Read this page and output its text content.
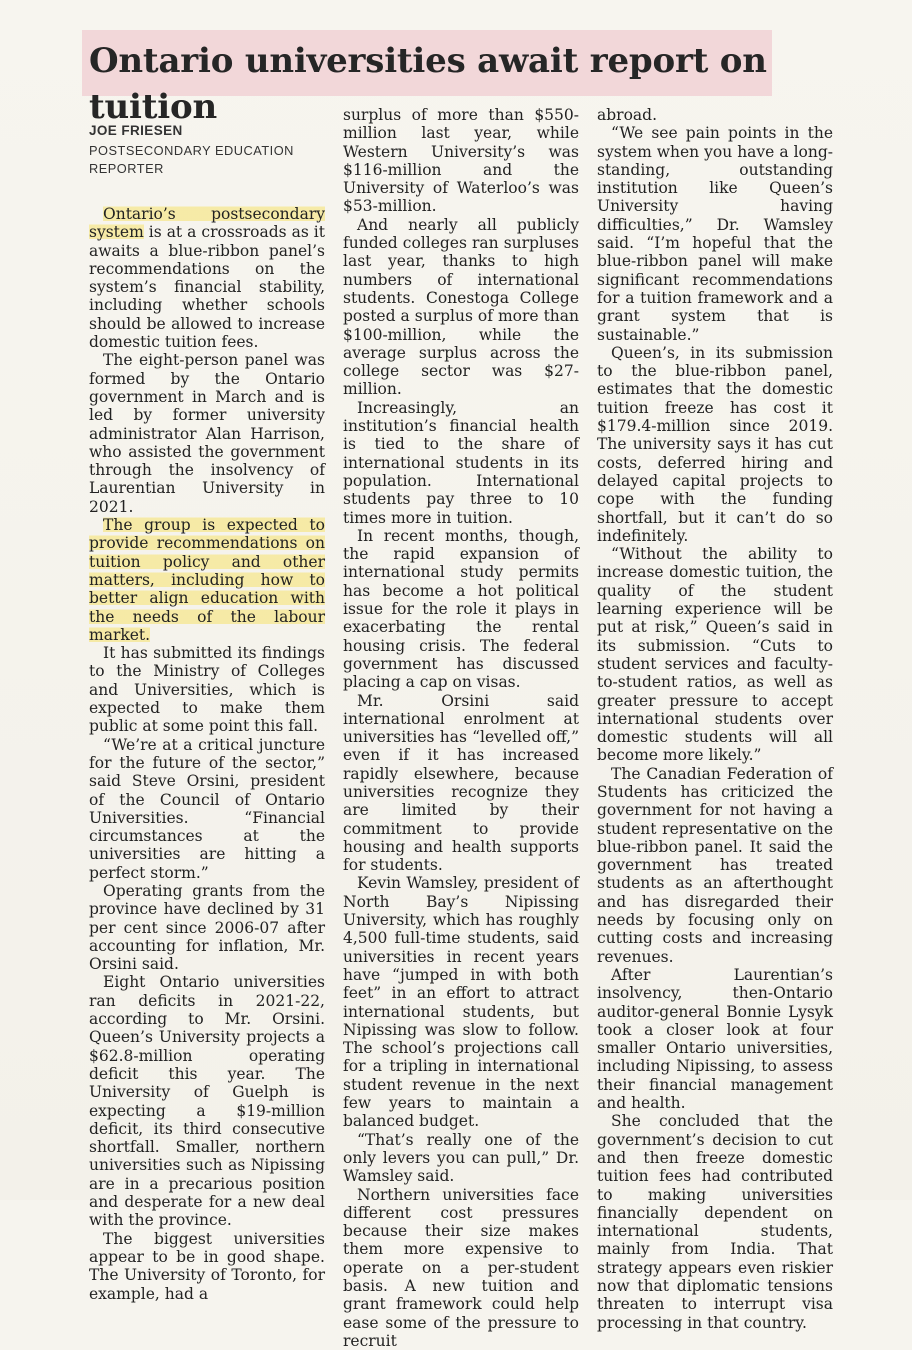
Ontario universities await report on tuition
JOE FRIESEN
POSTSECONDARY EDUCATION REPORTER

Ontario’s postsecondary system is at a crossroads as it awaits a blue-ribbon panel’s recommendations on the system’s financial stability, including whether schools should be allowed to increase domestic tuition fees.

The eight-person panel was formed by the Ontario government in March and is led by former university administrator Alan Harrison, who assisted the government through the insolvency of Laurentian University in 2021.

The group is expected to provide recommendations on tuition policy and other matters, including how to better align education with the needs of the labour market.

It has submitted its findings to the Ministry of Colleges and Universities, which is expected to make them public at some point this fall.

“We’re at a critical juncture for the future of the sector,” said Steve Orsini, president of the Council of Ontario Universities. “Financial circumstances at the universities are hitting a perfect storm.”

Operating grants from the province have declined by 31 per cent since 2006-07 after accounting for inflation, Mr. Orsini said.

Eight Ontario universities ran deficits in 2021-22, according to Mr. Orsini. Queen’s University projects a $62.8-million operating deficit this year. The University of Guelph is expecting a $19-million deficit, its third consecutive shortfall. Smaller, northern universities such as Nipissing are in a precarious position and desperate for a new deal with the province.

The biggest universities appear to be in good shape. The University of Toronto, for example, had a

surplus of more than $550-million last year, while Western University’s was $116-million and the University of Waterloo’s was $53-million.

And nearly all publicly funded colleges ran surpluses last year, thanks to high numbers of international students. Conestoga College posted a surplus of more than $100-million, while the average surplus across the college sector was $27-million.

Increasingly, an institution’s financial health is tied to the share of international students in its population. International students pay three to 10 times more in tuition.

In recent months, though, the rapid expansion of international study permits has become a hot political issue for the role it plays in exacerbating the rental housing crisis. The federal government has discussed placing a cap on visas.

Mr. Orsini said international enrolment at universities has “levelled off,” even if it has increased rapidly elsewhere, because universities recognize they are limited by their commitment to provide housing and health supports for students.

Kevin Wamsley, president of North Bay’s Nipissing University, which has roughly 4,500 full-time students, said universities in recent years have “jumped in with both feet” in an effort to attract international students, but Nipissing was slow to follow. The school’s projections call for a tripling in international student revenue in the next few years to maintain a balanced budget.

“That’s really one of the only levers you can pull,” Dr. Wamsley said.

Northern universities face different cost pressures because their size makes them more expensive to operate on a per-student basis. A new tuition and grant framework could help ease some of the pressure to recruit

abroad.

“We see pain points in the system when you have a long-standing, outstanding institution like Queen’s University having difficulties,” Dr. Wamsley said. “I’m hopeful that the blue-ribbon panel will make significant recommendations for a tuition framework and a grant system that is sustainable.”

Queen’s, in its submission to the blue-ribbon panel, estimates that the domestic tuition freeze has cost it $179.4-million since 2019. The university says it has cut costs, deferred hiring and delayed capital projects to cope with the funding shortfall, but it can’t do so indefinitely.

“Without the ability to increase domestic tuition, the quality of the student learning experience will be put at risk,” Queen’s said in its submission. “Cuts to student services and faculty-to-student ratios, as well as greater pressure to accept international students over domestic students will all become more likely.”

The Canadian Federation of Students has criticized the government for not having a student representative on the blue-ribbon panel. It said the government has treated students as an afterthought and has disregarded their needs by focusing only on cutting costs and increasing revenues.

After Laurentian’s insolvency, then-Ontario auditor-general Bonnie Lysyk took a closer look at four smaller Ontario universities, including Nipissing, to assess their financial management and health.

She concluded that the government’s decision to cut and then freeze domestic tuition fees had contributed to making universities financially dependent on international students, mainly from India. That strategy appears even riskier now that diplomatic tensions threaten to interrupt visa processing in that country.
